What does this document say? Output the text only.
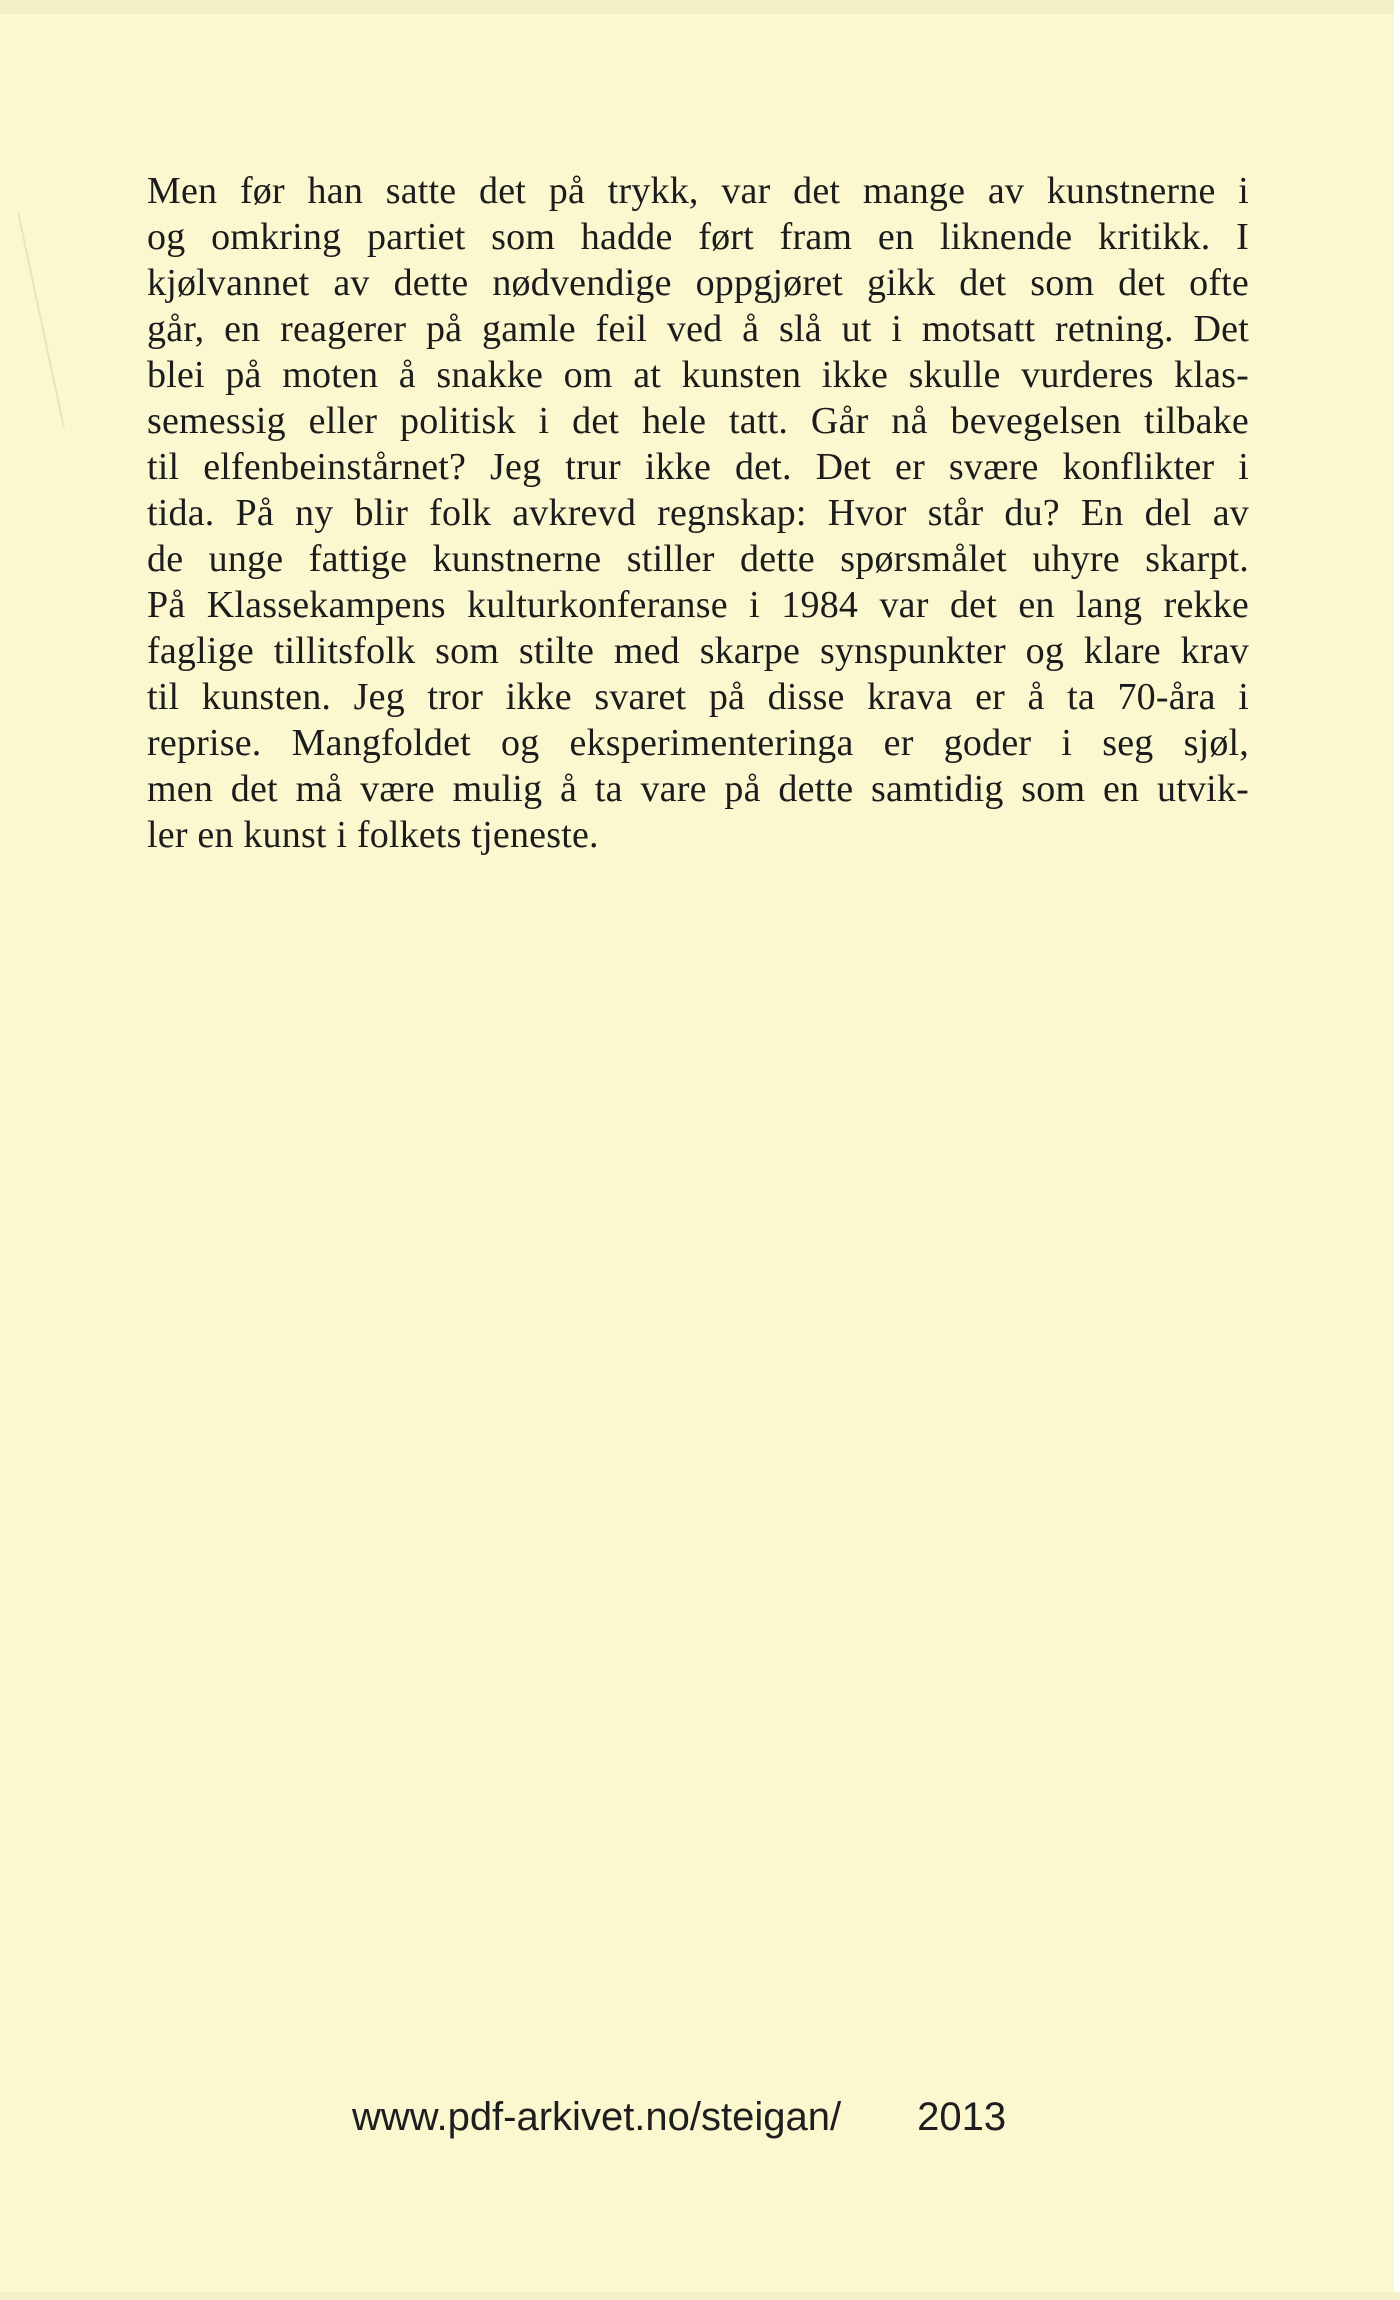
Men før han satte det på trykk, var det mange av kunstnerne i
og omkring partiet som hadde ført fram en liknende kritikk. I
kjølvannet av dette nødvendige oppgjøret gikk det som det ofte
går, en reagerer på gamle feil ved å slå ut i motsatt retning. Det
blei på moten å snakke om at kunsten ikke skulle vurderes klas-
semessig eller politisk i det hele tatt. Går nå bevegelsen tilbake
til elfenbeinstårnet? Jeg trur ikke det. Det er svære konflikter i
tida. På ny blir folk avkrevd regnskap: Hvor står du? En del av
de unge fattige kunstnerne stiller dette spørsmålet uhyre skarpt.
På Klassekampens kulturkonferanse i 1984 var det en lang rekke
faglige tillitsfolk som stilte med skarpe synspunkter og klare krav
til kunsten. Jeg tror ikke svaret på disse krava er å ta 70-åra i
reprise. Mangfoldet og eksperimenteringa er goder i seg sjøl,
men det må være mulig å ta vare på dette samtidig som en utvik-
ler en kunst i folkets tjeneste.

www.pdf-arkivet.no/steigan/ 2013
